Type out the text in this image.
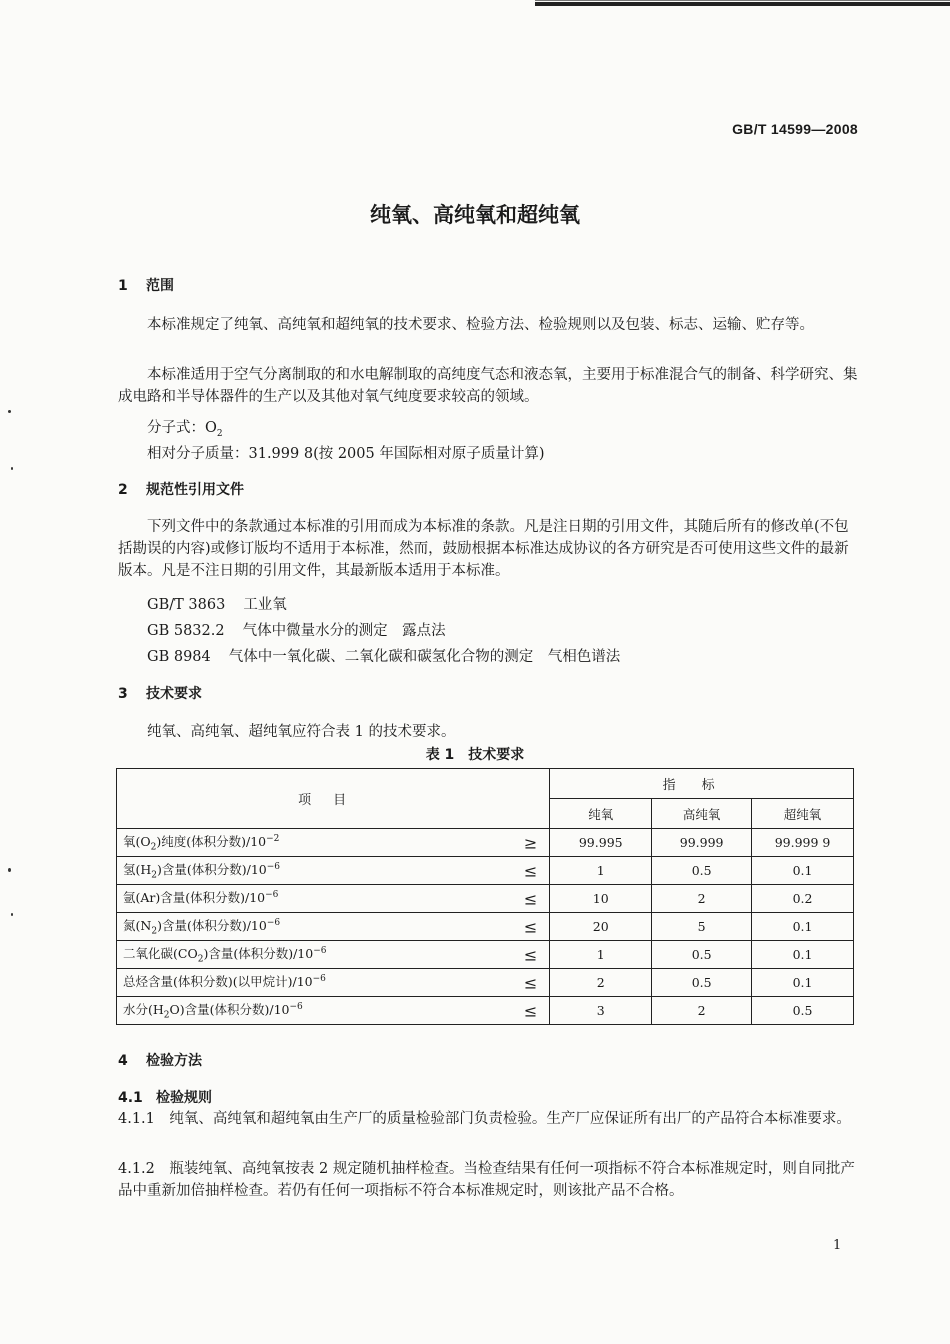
GB/T 14599—2008
纯氧、高纯氧和超纯氧
1 范围
本标准规定了纯氧、高纯氧和超纯氧的技术要求、检验方法、检验规则以及包装、标志、运输、贮存等。
本标准适用于空气分离制取的和水电解制取的高纯度气态和液态氧，主要用于标准混合气的制备、科学研究、集成电路和半导体器件的生产以及其他对氧气纯度要求较高的领域。
分子式：$O_2$
相对分子质量：31.999 8(按 2005 年国际相对原子质量计算)
2 规范性引用文件
下列文件中的条款通过本标准的引用而成为本标准的条款。凡是注日期的引用文件，其随后所有的修改单(不包括勘误的内容)或修订版均不适用于本标准，然而，鼓励根据本标准达成协议的各方研究是否可使用这些文件的最新版本。凡是不注日期的引用文件，其最新版本适用于本标准。
GB/T 3863 工业氧
GB 5832.2 气体中微量水分的测定　露点法
GB 8984 气体中一氧化碳、二氧化碳和碳氢化合物的测定　气相色谱法
3 技术要求
纯氧、高纯氧、超纯氧应符合表 1 的技术要求。
表 1　技术要求
项目	指标		
	纯氧	高纯氧	超纯氧
氧$(O_2)$纯度(体积分数)$/10^{-2}$ ≥	99.995	99.999	99.999 9
氢$(H_2)$含量(体积分数)$/10^{-6}$ ≤	1	0.5	0.1
氩(Ar)含量(体积分数)$/10^{-6}$ ≤	10	2	0.2
氮$(N_2)$含量(体积分数)$/10^{-6}$ ≤	20	5	0.1
二氧化碳$(CO_2)$含量(体积分数)$/10^{-6}$ ≤	1	0.5	0.1
总烃含量(体积分数)(以甲烷计)$/10^{-6}$ ≤	2	0.5	0.1
水分$(H_2O)$含量(体积分数)$/10^{-6}$ ≤	3	2	0.5
4 检验方法
4.1 检验规则
4.1.1　纯氧、高纯氧和超纯氧由生产厂的质量检验部门负责检验。生产厂应保证所有出厂的产品符合本标准要求。
4.1.2　瓶装纯氧、高纯氧按表 2 规定随机抽样检查。当检查结果有任何一项指标不符合本标准规定时，则自同批产品中重新加倍抽样检查。若仍有任何一项指标不符合本标准规定时，则该批产品不合格。
1
